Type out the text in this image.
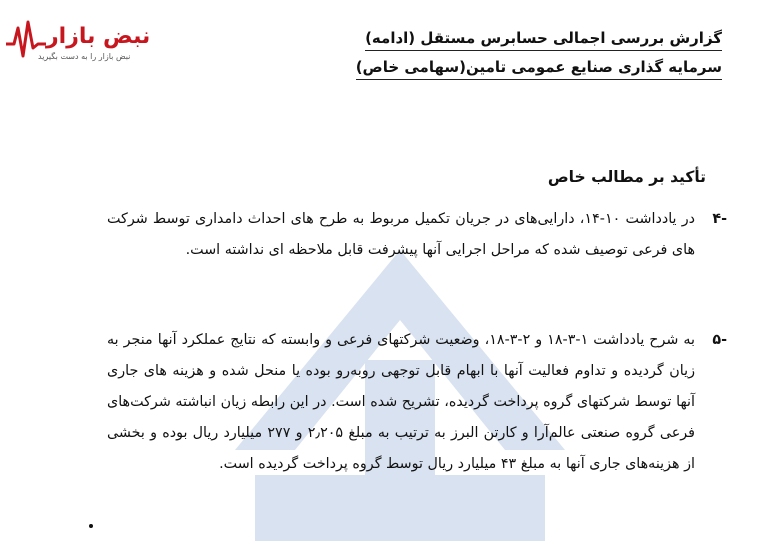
نبض بازار
نبض بازار را به دست بگیرید
گزارش بررسی اجمالی حسابرس مستقل (ادامه)
سرمایه گذاری صنایع عمومی تامین(سهامی خاص)
تأکید بر مطالب خاص
-۴
در یادداشت ۱۰-۱۴، دارایی‌های در جریان تکمیل مربوط به طرح های احداث دامداری توسط شرکت های فرعی توصیف شده که مراحل اجرایی آنها پیشرفت قابل ملاحظه ای نداشته است.
-۵
به شرح یادداشت ۱-۳-۱۸ و ۲-۳-۱۸، وضعیت شرکتهای فرعی و وابسته که نتایج عملکرد آنها منجر به زیان گردیده و تداوم فعالیت آنها با ابهام قابل توجهی روبه‌رو بوده یا منحل شده و هزینه های جاری آنها توسط شرکتهای گروه پرداخت گردیده، تشریح شده است. در این رابطه زیان انباشته شرکت‌های فرعی گروه صنعتی عالم‌آرا و کارتن البرز به ترتیب به مبلغ ۲٫۲۰۵ و ۲۷۷ میلیارد ریال بوده و بخشی از هزینه‌های جاری آنها به مبلغ ۴۳ میلیارد ریال توسط گروه پرداخت گردیده است.
